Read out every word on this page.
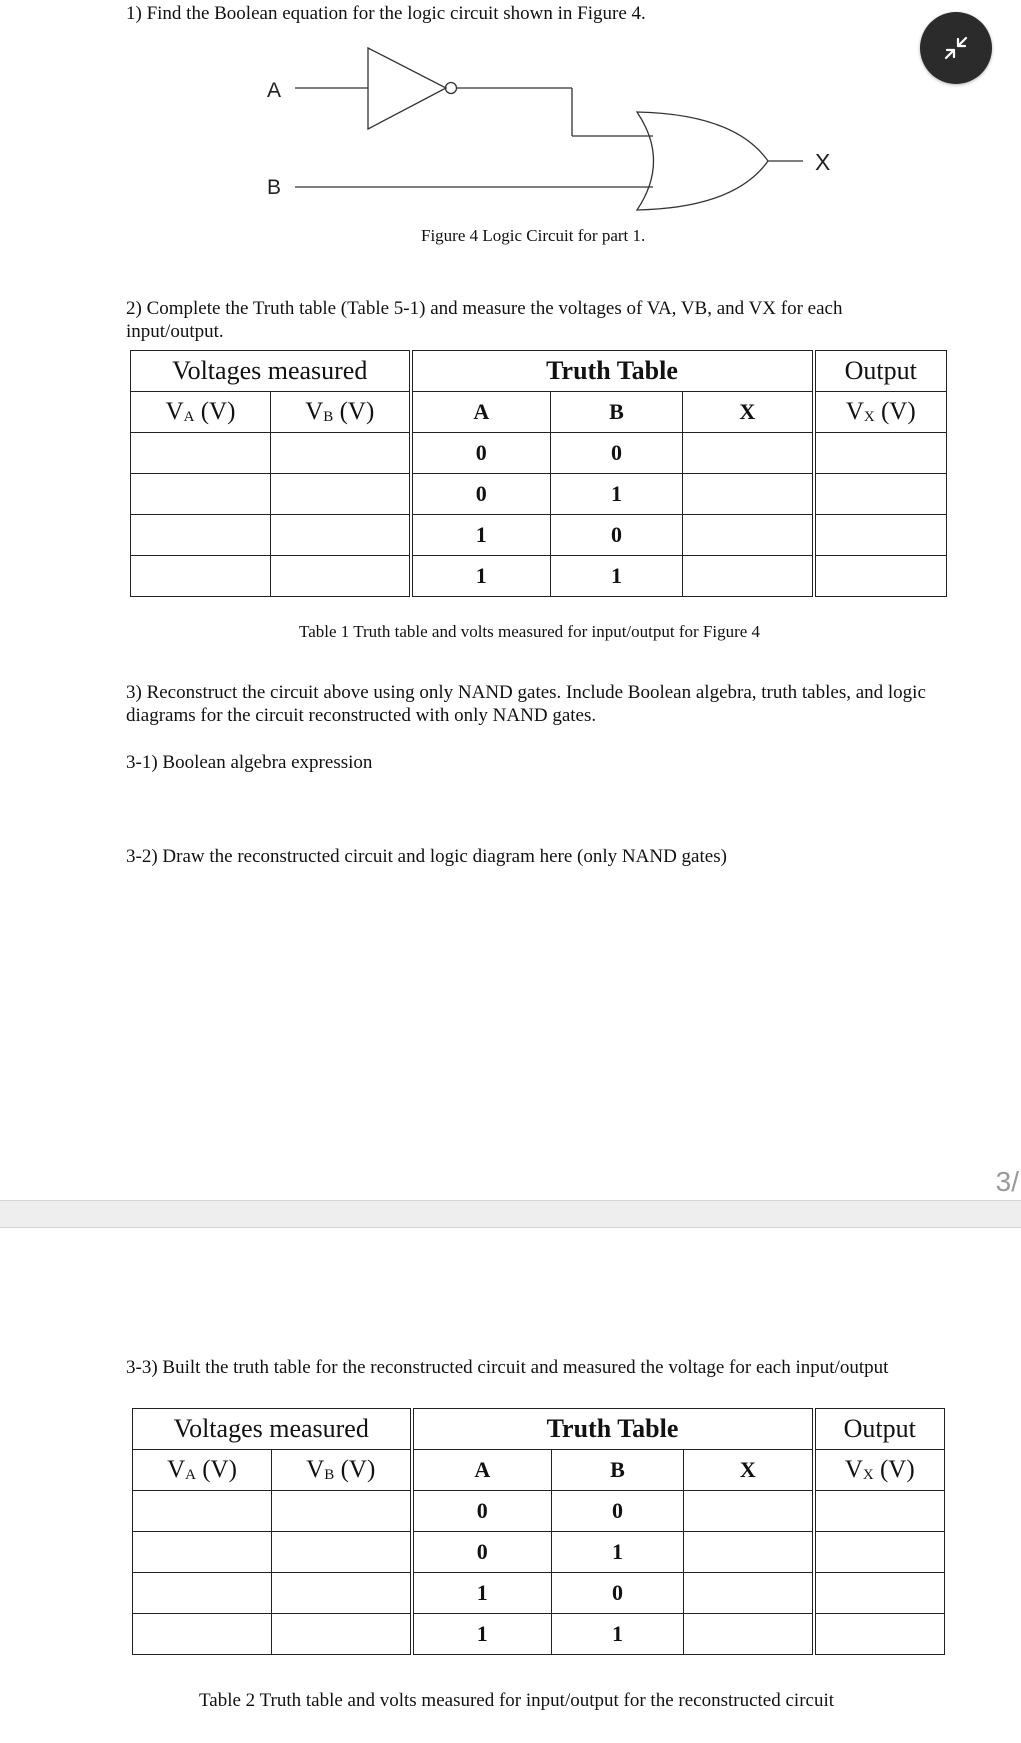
1) Find the Boolean equation for the logic circuit shown in Figure 4.
A
B
X
Figure 4 Logic Circuit for part 1.
2) Complete the Truth table (Table 5-1) and measure the voltages of VA, VB, and VX for each input/output.
Voltages measured		Truth Table			Output
$V_A$ (V)	$V_B$ (V)	A	B	X	$V_X$ (V)
		0	0		
		0	1		
		1	0		
		1	1		
Table 1 Truth table and volts measured for input/output for Figure 4
3) Reconstruct the circuit above using only NAND gates. Include Boolean algebra, truth tables, and logic diagrams for the circuit reconstructed with only NAND gates.
3-1) Boolean algebra expression
3-2) Draw the reconstructed circuit and logic diagram here (only NAND gates)
3/
3-3) Built the truth table for the reconstructed circuit and measured the voltage for each input/output
Voltages measured		Truth Table			Output
$V_A$ (V)	$V_B$ (V)	A	B	X	$V_X$ (V)
		0	0		
		0	1		
		1	0		
		1	1		
Table 2 Truth table and volts measured for input/output for the reconstructed circuit
